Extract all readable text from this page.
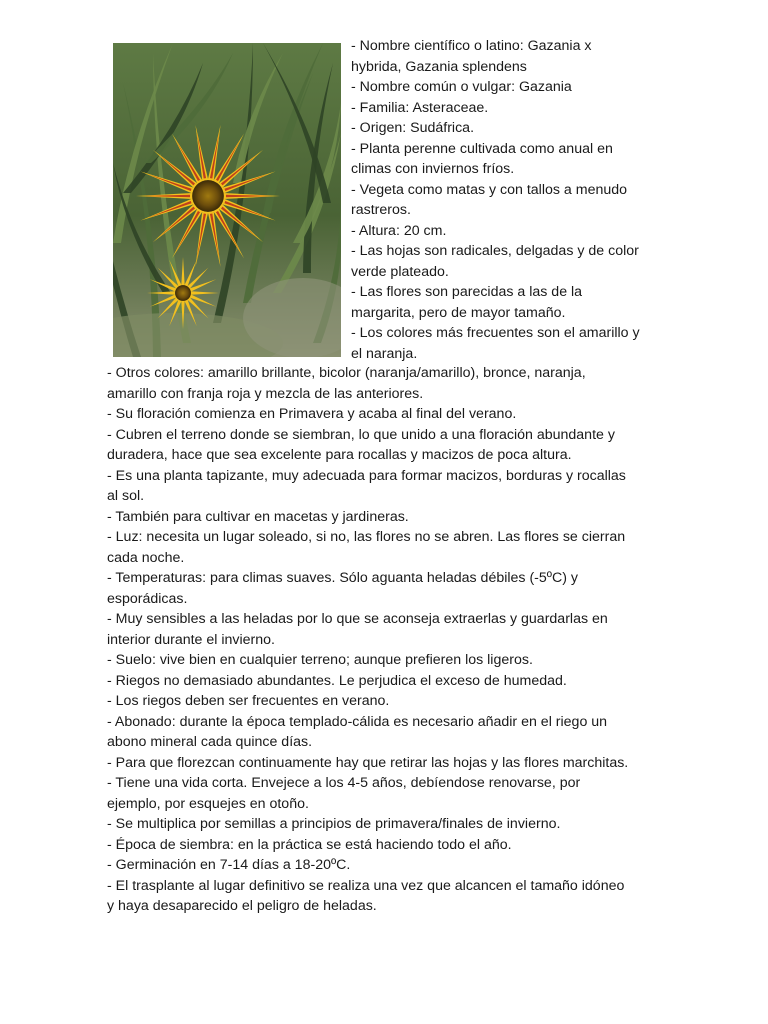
- Nombre científico o latino: Gazania x
hybrida, Gazania splendens
- Nombre común o vulgar: Gazania
- Familia: Asteraceae.
- Origen: Sudáfrica.
- Planta perenne cultivada como anual en
climas con inviernos fríos.
- Vegeta como matas y con tallos a menudo
rastreros.
- Altura: 20 cm.
- Las hojas son radicales, delgadas y de color
verde plateado.
- Las flores son parecidas a las de la
margarita, pero de mayor tamaño.
- Los colores más frecuentes son el amarillo y
el naranja.
- Otros colores: amarillo brillante, bicolor (naranja/amarillo), bronce, naranja,
amarillo con franja roja y mezcla de las anteriores.
- Su floración comienza en Primavera y acaba al final del verano.
- Cubren el terreno donde se siembran, lo que unido a una floración abundante y
duradera, hace que sea excelente para rocallas y macizos de poca altura.
- Es una planta tapizante, muy adecuada para formar macizos, borduras y rocallas
al sol.
- También para cultivar en macetas y jardineras.
- Luz: necesita un lugar soleado, si no, las flores no se abren. Las flores se cierran
cada noche.
- Temperaturas: para climas suaves. Sólo aguanta heladas débiles (-5ºC) y
esporádicas.
- Muy sensibles a las heladas por lo que se aconseja extraerlas y guardarlas en
interior durante el invierno.
- Suelo: vive bien en cualquier terreno; aunque prefieren los ligeros.
- Riegos no demasiado abundantes. Le perjudica el exceso de humedad.
- Los riegos deben ser frecuentes en verano.
- Abonado: durante la época templado-cálida es necesario añadir en el riego un
abono mineral cada quince días.
- Para que florezcan continuamente hay que retirar las hojas y las flores marchitas.
- Tiene una vida corta. Envejece a los 4-5 años, debíendose renovarse, por
ejemplo, por esquejes en otoño.
- Se multiplica por semillas a principios de primavera/finales de invierno.
- Época de siembra: en la práctica se está haciendo todo el año.
- Germinación en 7-14 días a 18-20ºC.
- El trasplante al lugar definitivo se realiza una vez que alcancen el tamaño idóneo
y haya desaparecido el peligro de heladas.
